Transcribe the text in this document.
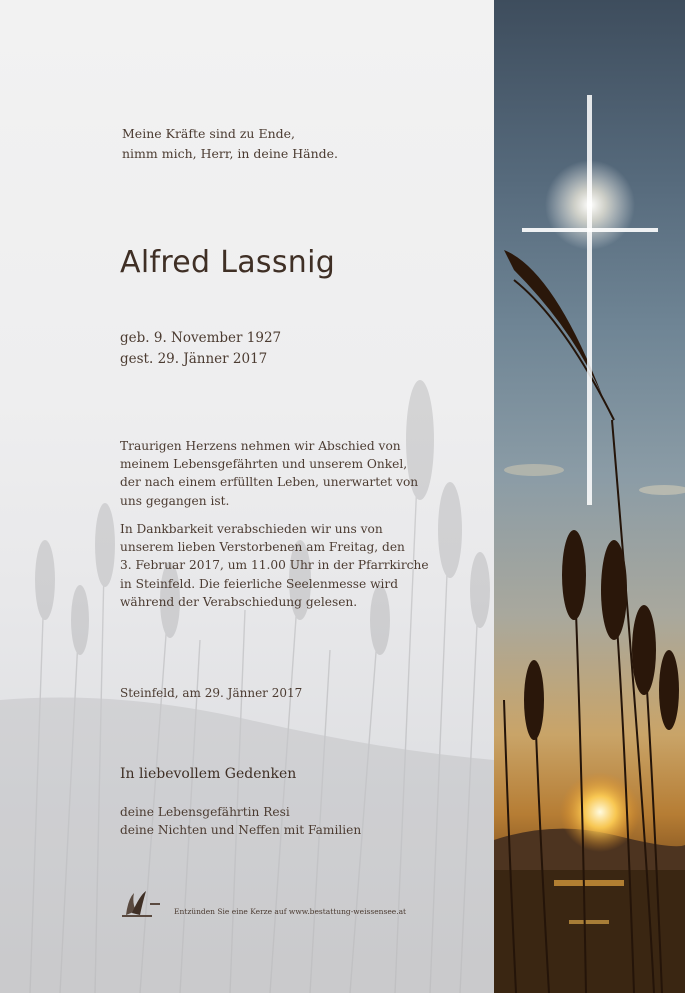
Meine Kräfte sind zu Ende,
nimm mich, Herr, in deine Hände.
Alfred Lassnig
geb. 9. November 1927
gest. 29. Jänner 2017
Traurigen Herzens nehmen wir Abschied von
meinem Lebensgefährten und unserem Onkel,
der nach einem erfüllten Leben, unerwartet von
uns gegangen ist.
In Dankbarkeit verabschieden wir uns von
unserem lieben Verstorbenen am Freitag, den
3. Februar 2017, um 11.00 Uhr in der Pfarrkirche
in Steinfeld. Die feierliche Seelenmesse wird
während der Verabschiedung gelesen.
Steinfeld, am 29. Jänner 2017
In liebevollem Gedenken
deine Lebensgefährtin Resi
deine Nichten und Neffen mit Familien
Entzünden Sie eine Kerze auf www.bestattung-weissensee.at
